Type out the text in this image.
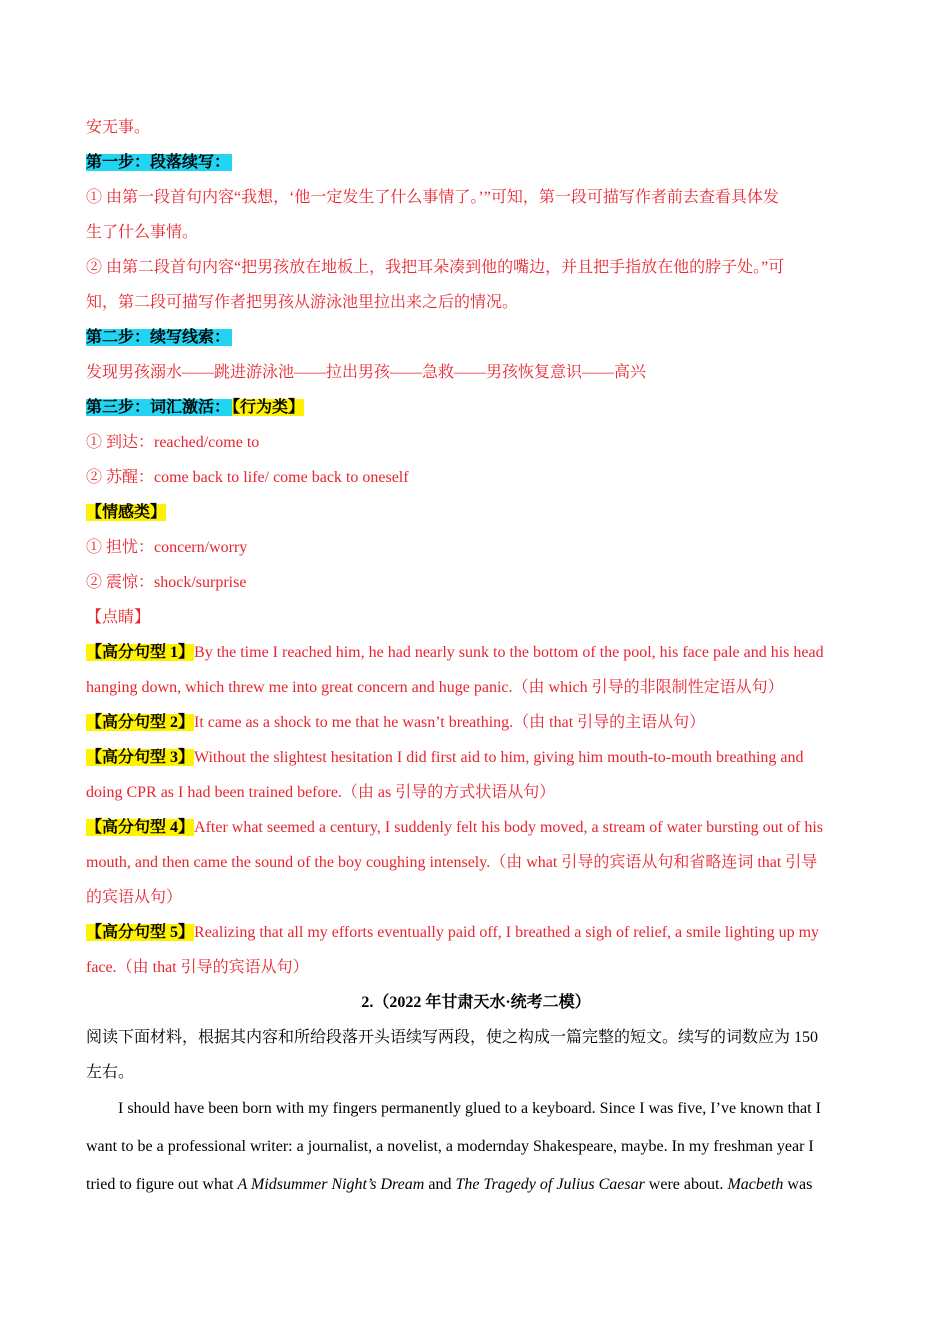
安无事。
第一步：段落续写：
① 由第一段首句内容“我想，‘他一定发生了什么事情了。’”可知，第一段可描写作者前去查看具体发
生了什么事情。
② 由第二段首句内容“把男孩放在地板上，我把耳朵凑到他的嘴边，并且把手指放在他的脖子处。”可
知，第二段可描写作者把男孩从游泳池里拉出来之后的情况。
第二步：续写线索：
发现男孩溺水——跳进游泳池——拉出男孩——急救——男孩恢复意识——高兴
第三步：词汇激活： 【行为类】
① 到达：reached/come to
② 苏醒：come back to life/ come back to oneself
【情感类】
① 担忧：concern/worry
② 震惊：shock/surprise
【点睛】
【高分句型 1】By the time I reached him, he had nearly sunk to the bottom of the pool, his face pale and his head
hanging down, which threw me into great concern and huge panic.（由 which 引导的非限制性定语从句）
【高分句型 2】It came as a shock to me that he wasn’t breathing.（由 that 引导的主语从句）
【高分句型 3】Without the slightest hesitation I did first aid to him, giving him mouth-to-mouth breathing and
doing CPR as I had been trained before.（由 as 引导的方式状语从句）
【高分句型 4】After what seemed a century, I suddenly felt his body moved, a stream of water bursting out of his
mouth, and then came the sound of the boy coughing intensely.（由 what 引导的宾语从句和省略连词 that 引导
的宾语从句）
【高分句型 5】Realizing that all my efforts eventually paid off, I breathed a sigh of relief, a smile lighting up my
face.（由 that 引导的宾语从句）
2.（2022 年甘肃天水·统考二模）
阅读下面材料，根据其内容和所给段落开头语续写两段，使之构成一篇完整的短文。续写的词数应为 150
左右。
I should have been born with my fingers permanently glued to a keyboard. Since I was five, I’ve known that I
want to be a professional writer: a journalist, a novelist, a modernday Shakespeare, maybe. In my freshman year I
tried to figure out what A Midsummer Night’s Dream and The Tragedy of Julius Caesar were about. Macbeth was
